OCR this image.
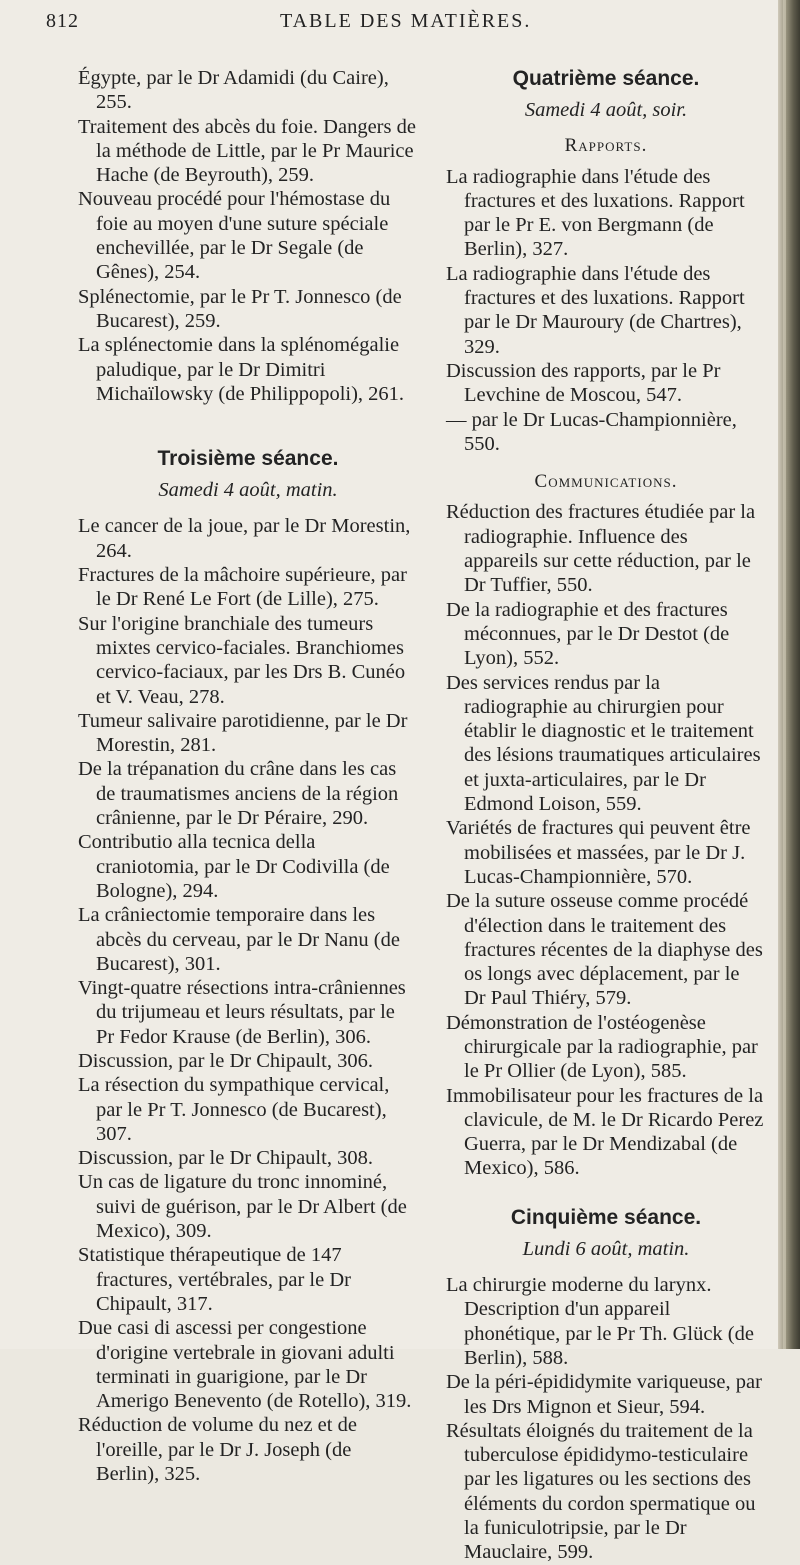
812	TABLE DES MATIÈRES.

Égypte, par le Dr Adamidi (du Caire), 255.

Traitement des abcès du foie. Dangers de la méthode de Little, par le Pr Maurice Hache (de Beyrouth), 259.

Nouveau procédé pour l'hémostase du foie au moyen d'une suture spéciale enchevillée, par le Dr Segale (de Gênes), 254.

Splénectomie, par le Pr T. Jonnesco (de Bucarest), 259.

La splénectomie dans la splénomégalie paludique, par le Dr Dimitri Michaïlowsky (de Philippopoli), 261.

Troisième séance.

Samedi 4 août, matin.

Le cancer de la joue, par le Dr Morestin, 264.

Fractures de la mâchoire supérieure, par le Dr René Le Fort (de Lille), 275.

Sur l'origine branchiale des tumeurs mixtes cervico-faciales. Branchiomes cervico-faciaux, par les Drs B. Cunéo et V. Veau, 278.

Tumeur salivaire parotidienne, par le Dr Morestin, 281.

De la trépanation du crâne dans les cas de traumatismes anciens de la région crânienne, par le Dr Péraire, 290.

Contributio alla tecnica della craniotomia, par le Dr Codivilla (de Bologne), 294.

La crâniectomie temporaire dans les abcès du cerveau, par le Dr Nanu (de Bucarest), 301.

Vingt-quatre résections intra-crâniennes du trijumeau et leurs résultats, par le Pr Fedor Krause (de Berlin), 306.

Discussion, par le Dr Chipault, 306.

La résection du sympathique cervical, par le Pr T. Jonnesco (de Bucarest), 307.

Discussion, par le Dr Chipault, 308.

Un cas de ligature du tronc innominé, suivi de guérison, par le Dr Albert (de Mexico), 309.

Statistique thérapeutique de 147 fractures, vertébrales, par le Dr Chipault, 317.

Due casi di ascessi per congestione d'origine vertebrale in giovani adulti terminati in guarigione, par le Dr Amerigo Benevento (de Rotello), 319.

Réduction de volume du nez et de l'oreille, par le Dr J. Joseph (de Berlin), 325.

Quatrième séance.

Samedi 4 août, soir.

Rapports.

La radiographie dans l'étude des fractures et des luxations. Rapport par le Pr E. von Bergmann (de Berlin), 327.

La radiographie dans l'étude des fractures et des luxations. Rapport par le Dr Mauroury (de Chartres), 329.

Discussion des rapports, par le Pr Levchine de Moscou, 547.

— par le Dr Lucas-Championnière, 550.

Communications.

Réduction des fractures étudiée par la radiographie. Influence des appareils sur cette réduction, par le Dr Tuffier, 550.

De la radiographie et des fractures méconnues, par le Dr Destot (de Lyon), 552.

Des services rendus par la radiographie au chirurgien pour établir le diagnostic et le traitement des lésions traumatiques articulaires et juxta-articulaires, par le Dr Edmond Loison, 559.

Variétés de fractures qui peuvent être mobilisées et massées, par le Dr J. Lucas-Championnière, 570.

De la suture osseuse comme procédé d'élection dans le traitement des fractures récentes de la diaphyse des os longs avec déplacement, par le Dr Paul Thiéry, 579.

Démonstration de l'ostéogenèse chirurgicale par la radiographie, par le Pr Ollier (de Lyon), 585.

Immobilisateur pour les fractures de la clavicule, de M. le Dr Ricardo Perez Guerra, par le Dr Mendizabal (de Mexico), 586.

Cinquième séance.

Lundi 6 août, matin.

La chirurgie moderne du larynx. Description d'un appareil phonétique, par le Pr Th. Glück (de Berlin), 588.

De la péri-épididymite variqueuse, par les Drs Mignon et Sieur, 594.

Résultats éloignés du traitement de la tuberculose épididymo-testiculaire par les ligatures ou les sections des éléments du cordon spermatique ou la funiculotripsie, par le Dr Mauclaire, 599.
